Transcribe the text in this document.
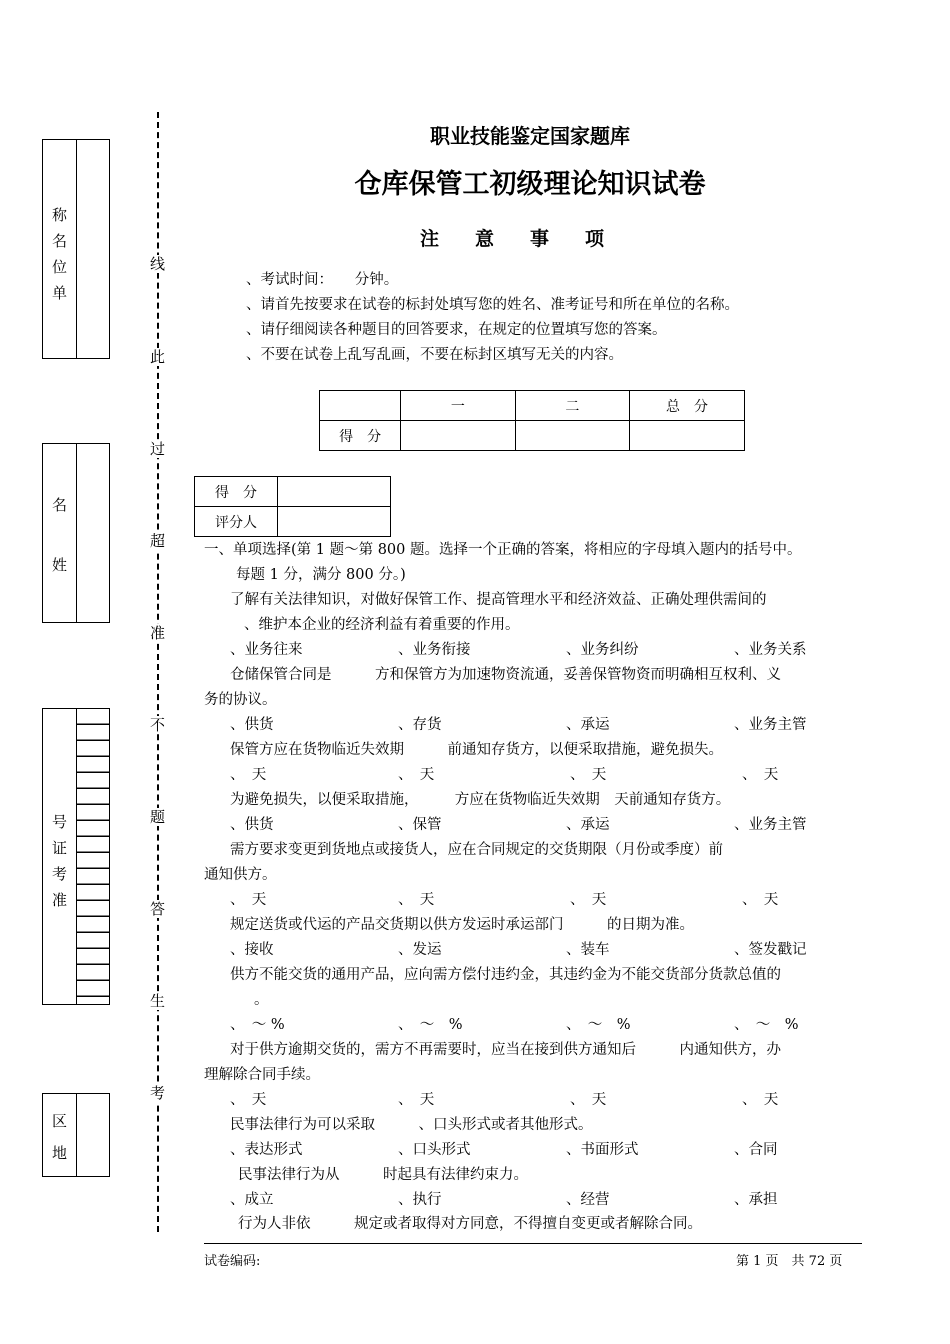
称
名
位
单
名
姓
号
证
考
准
区
地
线
此
过
超
准
不
题
答
生
考
职业技能鉴定国家题库
仓库保管工初级理论知识试卷
注意事项
、考试时间：　　分钟。
、请首先按要求在试卷的标封处填写您的姓名、准考证号和所在单位的名称。
、请仔细阅读各种题目的回答要求，在规定的位置填写您的答案。
、不要在试卷上乱写乱画，不要在标封区填写无关的内容。
	一	二	总　分
得　分			
得　分	
评分人	
一、单项选择(第 1 题～第 800 题。选择一个正确的答案，将相应的字母填入题内的括号中。
每题 1 分，满分 800 分。)
了解有关法律知识，对做好保管工作、提高管理水平和经济效益、正确处理供需间的
、维护本企业的经济利益有着重要的作用。
、业务往来	、业务衔接	、业务纠纷	、业务关系
仓储保管合同是　　　方和保管方为加速物资流通，妥善保管物资而明确相互权利、义
务的协议。
、供货	、存货	、承运	、业务主管
保管方应在货物临近失效期　　　前通知存货方，以便采取措施，避免损失。
、　天	、　天	、　天	、　天
为避免损失，以便采取措施，　　　方应在货物临近失效期　天前通知存货方。
、供货	、保管	、承运	、业务主管
需方要求变更到货地点或接货人，应在合同规定的交货期限（月份或季度）前
通知供方。
、　天	、　天	、　天	、　天
规定送货或代运的产品交货期以供方发运时承运部门　　　的日期为准。
、接收	、发运	、装车	、签发戳记
供方不能交货的通用产品，应向需方偿付违约金，其违约金为不能交货部分货款总值的
。
、　～ %	、　～　%	、　～　%	、　～　%
对于供方逾期交货的，需方不再需要时，应当在接到供方通知后　　　内通知供方，办
理解除合同手续。
、　天	、　天	、　天	、　天
民事法律行为可以采取　　　、口头形式或者其他形式。
、表达形式	、口头形式	、书面形式	、合同
民事法律行为从　　　时起具有法律约束力。
、成立	、执行	、经营	、承担
行为人非依　　　规定或者取得对方同意，不得擅自变更或者解除合同。
试卷编码:	第 1 页　共 72 页
